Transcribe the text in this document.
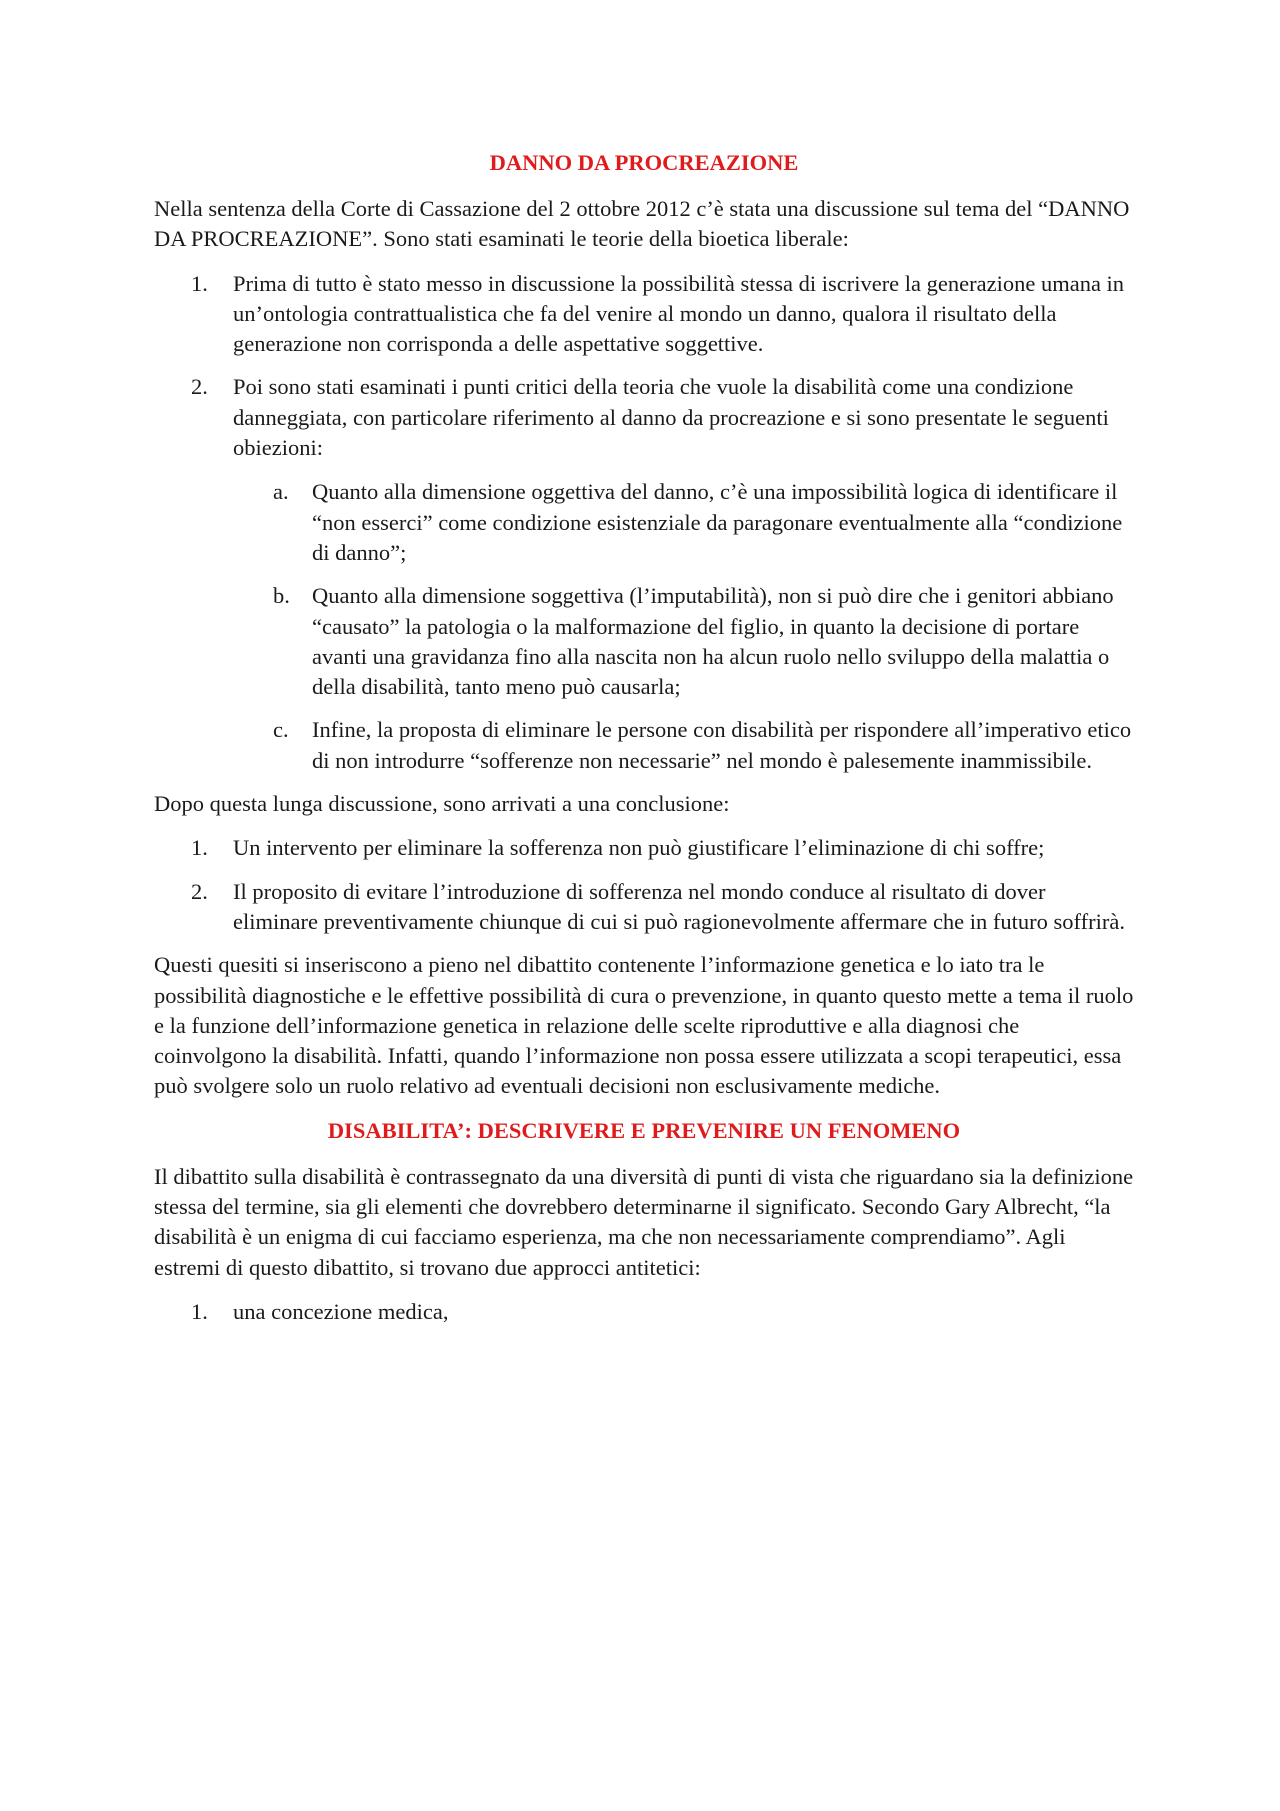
DANNO DA PROCREAZIONE

Nella sentenza della Corte di Cassazione del 2 ottobre 2012 c’è stata una discussione sul tema del “DANNO DA PROCREAZIONE”. Sono stati esaminati le teorie della bioetica liberale:

1.	Prima di tutto è stato messo in discussione la possibilità stessa di iscrivere la generazione umana in un’ontologia contrattualistica che fa del venire al mondo un danno, qualora il risultato della generazione non corrisponda a delle aspettative soggettive.
2.	Poi sono stati esaminati i punti critici della teoria che vuole la disabilità come una condizione danneggiata, con particolare riferimento al danno da procreazione e si sono presentate le seguenti obiezioni:
a. Quanto alla dimensione oggettiva del danno, c’è una impossibilità logica di identificare il “non esserci” come condizione esistenziale da paragonare eventualmente alla “condizione di danno”;
b. Quanto alla dimensione soggettiva (l’imputabilità), non si può dire che i genitori abbiano “causato” la patologia o la malformazione del figlio, in quanto la decisione di portare avanti una gravidanza fino alla nascita non ha alcun ruolo nello sviluppo della malattia o della disabilità, tanto meno può causarla;
c. Infine, la proposta di eliminare le persone con disabilità per rispondere all’imperativo etico di non introdurre “sofferenze non necessarie” nel mondo è palesemente inammissibile.

Dopo questa lunga discussione, sono arrivati a una conclusione:

1.	Un intervento per eliminare la sofferenza non può giustificare l’eliminazione di chi soffre;
2.	Il proposito di evitare l’introduzione di sofferenza nel mondo conduce al risultato di dover eliminare preventivamente chiunque di cui si può ragionevolmente affermare che in futuro soffrirà.

Questi quesiti si inseriscono a pieno nel dibattito contenente l’informazione genetica e lo iato tra le possibilità diagnostiche e le effettive possibilità di cura o prevenzione, in quanto questo mette a tema il ruolo e la funzione dell’informazione genetica in relazione delle scelte riproduttive e alla diagnosi che coinvolgono la disabilità. Infatti, quando l’informazione non possa essere utilizzata a scopi terapeutici, essa può svolgere solo un ruolo relativo ad eventuali decisioni non esclusivamente mediche.

DISABILITA’: DESCRIVERE E PREVENIRE UN FENOMENO

Il dibattito sulla disabilità è contrassegnato da una diversità di punti di vista che riguardano sia la definizione stessa del termine, sia gli elementi che dovrebbero determinarne il significato. Secondo Gary Albrecht, “la disabilità è un enigma di cui facciamo esperienza, ma che non necessariamente comprendiamo”. Agli estremi di questo dibattito, si trovano due approcci antitetici:

1.	una concezione medica,
